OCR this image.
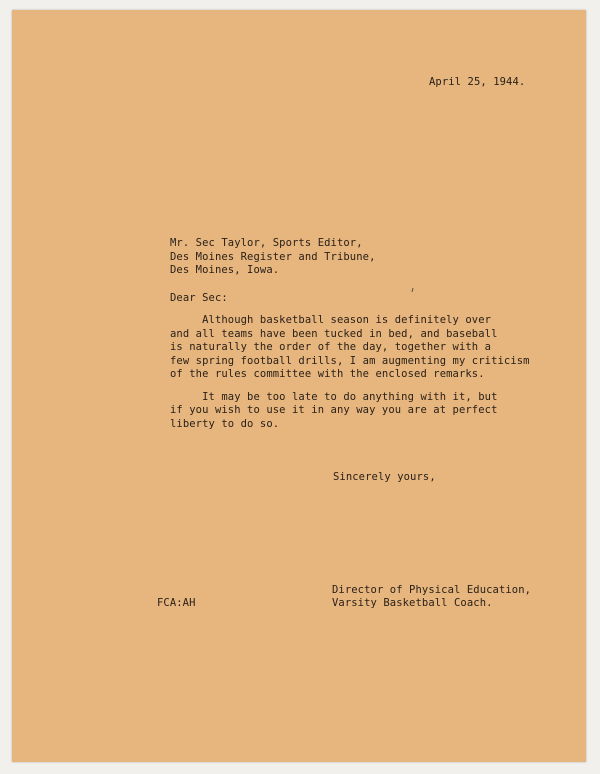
April 25, 1944.
Mr. Sec Taylor, Sports Editor,
Des Moines Register and Tribune,
Des Moines, Iowa.
Dear Sec:
Although basketball season is definitely over
and all teams have been tucked in bed, and baseball
is naturally the order of the day, together with a
few spring football drills, I am augmenting my criticism
of the rules committee with the enclosed remarks.
It may be too late to do anything with it, but
if you wish to use it in any way you are at perfect
liberty to do so.
Sincerely yours,
FCA:AH
Director of Physical Education,
Varsity Basketball Coach.
